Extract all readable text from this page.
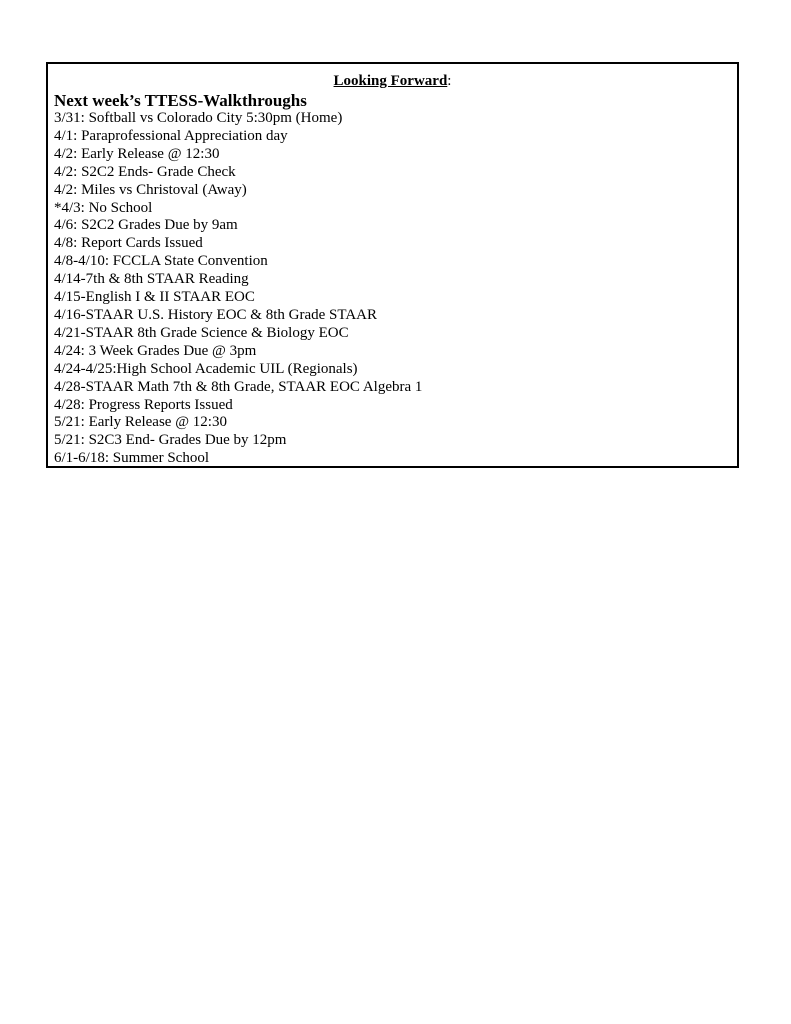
Looking Forward:

Next week’s TTESS-Walkthroughs

3/31: Softball vs Colorado City 5:30pm (Home)
4/1: Paraprofessional Appreciation day
4/2: Early Release @ 12:30
4/2: S2C2 Ends- Grade Check
4/2: Miles vs Christoval (Away)
*4/3: No School
4/6: S2C2 Grades Due by 9am
4/8: Report Cards Issued
4/8-4/10: FCCLA State Convention
4/14-7th & 8th STAAR Reading
4/15-English I & II STAAR EOC
4/16-STAAR U.S. History EOC & 8th Grade STAAR
4/21-STAAR 8th Grade Science & Biology EOC
4/24: 3 Week Grades Due @ 3pm
4/24-4/25:High School Academic UIL (Regionals)
4/28-STAAR Math 7th & 8th Grade, STAAR EOC Algebra 1
4/28: Progress Reports Issued
5/21: Early Release @ 12:30
5/21: S2C3 End- Grades Due by 12pm
6/1-6/18: Summer School
